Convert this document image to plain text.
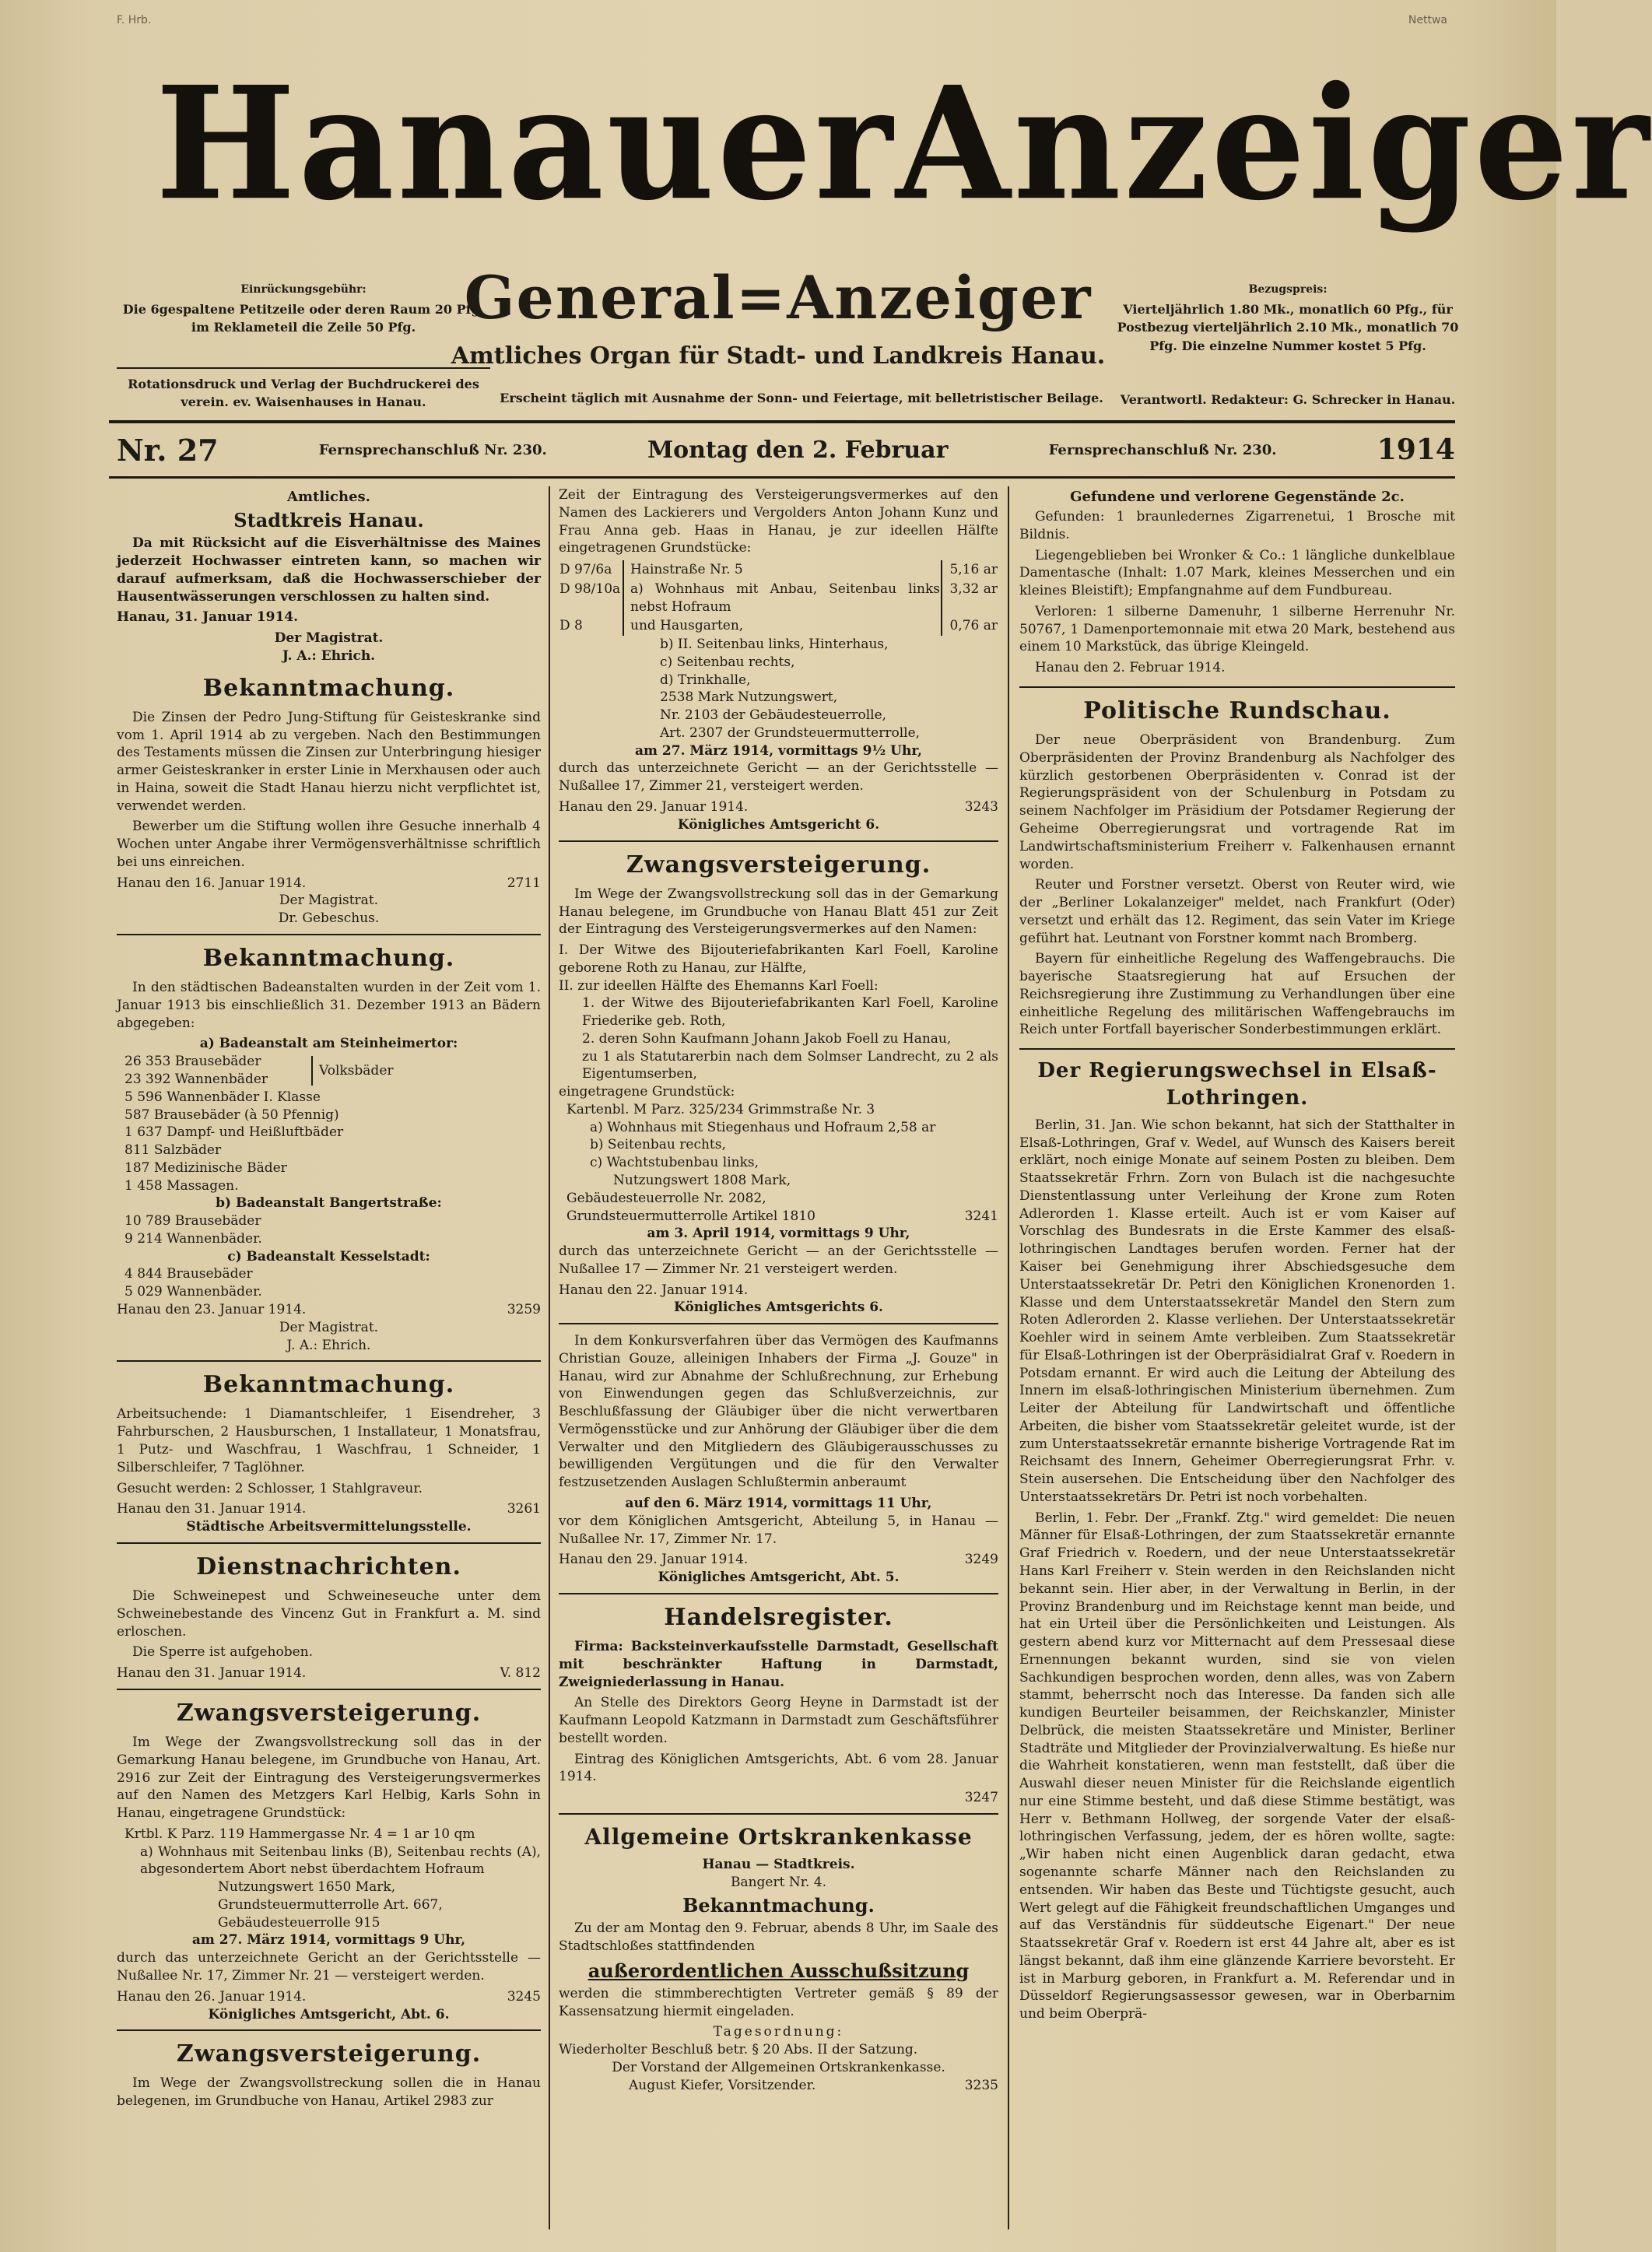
F. Hrb.	Nettwa
Hanauer Anzeiger
Einrückungsgebühr:
Die 6gespaltene Petitzeile oder deren Raum 20 Pfg. im Reklameteil die Zeile 50 Pfg.
Rotationsdruck und Verlag der Buchdruckerei des verein. ev. Waisenhauses in Hanau.
Bezugspreis:
Vierteljährlich 1.80 Mk., monatlich 60 Pfg., für Postbezug vierteljährlich 2.10 Mk., monatlich 70 Pfg. Die einzelne Nummer kostet 5 Pfg.
Verantwortl. Redakteur: G. Schrecker in Hanau.
General=Anzeiger
Amtliches Organ für Stadt- und Landkreis Hanau.
Erscheint täglich mit Ausnahme der Sonn- und Feiertage, mit belletristischer Beilage.
Nr. 27	Fernsprechanschluß Nr. 230.	Montag den 2. Februar	Fernsprechanschluß Nr. 230.	1914
Amtliches.
Stadtkreis Hanau.

Da mit Rücksicht auf die Eisverhältnisse des Maines jederzeit Hochwasser eintreten kann, so machen wir darauf aufmerksam, daß die Hochwasserschieber der Hausentwässerungen verschlossen zu halten sind.

Hanau, 31. Januar 1914.

Der Magistrat.
J. A.: Ehrich.
Bekanntmachung.

Die Zinsen der Pedro Jung-Stiftung für Geisteskranke sind vom 1. April 1914 ab zu vergeben. Nach den Bestimmungen des Testaments müssen die Zinsen zur Unterbringung hiesiger armer Geisteskranker in erster Linie in Merxhausen oder auch in Haina, soweit die Stadt Hanau hierzu nicht verpflichtet ist, verwendet werden.

Bewerber um die Stiftung wollen ihre Gesuche innerhalb 4 Wochen unter Angabe ihrer Vermögensverhältnisse schriftlich bei uns einreichen.

Hanau den 16. Januar 1914.	2711
Der Magistrat.
Dr. Gebeschus.
Bekanntmachung.

In den städtischen Badeanstalten wurden in der Zeit vom 1. Januar 1913 bis einschließlich 31. Dezember 1913 an Bädern abgegeben:

a) Badeanstalt am Steinheimertor:
26 353 Brausebäder
23 392 Wannenbäder
5 596 Wannenbäder I. Klasse
587 Brausebäder (à 50 Pfennig)
1 637 Dampf- und Heißluftbäder
811 Salzbäder
187 Medizinische Bäder
1 458 Massagen.
Volksbäder
b) Badeanstalt Bangertstraße:
10 789 Brausebäder
9 214 Wannenbäder.
c) Badeanstalt Kesselstadt:
4 844 Brausebäder
5 029 Wannenbäder.
Hanau den 23. Januar 1914.	3259
Der Magistrat.
J. A.: Ehrich.
Bekanntmachung.

Arbeitsuchende: 1 Diamantschleifer, 1 Eisendreher, 3 Fahrburschen, 2 Hausburschen, 1 Installateur, 1 Monatsfrau, 1 Putz- und Waschfrau, 1 Waschfrau, 1 Schneider, 1 Silberschleifer, 7 Taglöhner.

Gesucht werden: 2 Schlosser, 1 Stahlgraveur.

Hanau den 31. Januar 1914.	3261
Städtische Arbeitsvermittelungsstelle.
Dienstnachrichten.

Die Schweinepest und Schweineseuche unter dem Schweinebestande des Vincenz Gut in Frankfurt a. M. sind erloschen.

Die Sperre ist aufgehoben.

Hanau den 31. Januar 1914.	V. 812
Zwangsversteigerung.

Im Wege der Zwangsvollstreckung soll das in der Gemarkung Hanau belegene, im Grundbuche von Hanau, Art. 2916 zur Zeit der Eintragung des Versteigerungsvermerkes auf den Namen des Metzgers Karl Helbig, Karls Sohn in Hanau, eingetragene Grundstück:

Krtbl. K Parz. 119 Hammergasse Nr. 4 = 1 ar 10 qm
a) Wohnhaus mit Seitenbau links (B), Seitenbau rechts (A), abgesondertem Abort nebst überdachtem Hofraum
Nutzungswert 1650 Mark,
Grundsteuermutterrolle Art. 667,
Gebäudesteuerrolle 915
am 27. März 1914, vormittags 9 Uhr,

durch das unterzeichnete Gericht an der Gerichtsstelle — Nußallee Nr. 17, Zimmer Nr. 21 — versteigert werden.

Hanau den 26. Januar 1914.	3245
Königliches Amtsgericht, Abt. 6.
Zwangsversteigerung.

Im Wege der Zwangsvollstreckung sollen die in Hanau belegenen, im Grundbuche von Hanau, Artikel 2983 zur

Zeit der Eintragung des Versteigerungsvermerkes auf den Namen des Lackierers und Vergolders Anton Johann Kunz und Frau Anna geb. Haas in Hanau, je zur ideellen Hälfte eingetragenen Grundstücke:

D 97/6a	Hainstraße Nr. 5	5,16 ar
D 98/10a	a) Wohnhaus mit Anbau, Seitenbau links nebst Hofraum	3,32 ar
D 8	und Hausgarten,	0,76 ar
b) II. Seitenbau links, Hinterhaus,
c) Seitenbau rechts,
d) Trinkhalle,
2538 Mark Nutzungswert,
Nr. 2103 der Gebäudesteuerrolle,
Art. 2307 der Grundsteuermutterrolle,
am 27. März 1914, vormittags 9½ Uhr,

durch das unterzeichnete Gericht — an der Gerichtsstelle — Nußallee 17, Zimmer 21, versteigert werden.

Hanau den 29. Januar 1914.	3243
Königliches Amtsgericht 6.
Zwangsversteigerung.

Im Wege der Zwangsvollstreckung soll das in der Gemarkung Hanau belegene, im Grundbuche von Hanau Blatt 451 zur Zeit der Eintragung des Versteigerungsvermerkes auf den Namen:

I. Der Witwe des Bijouteriefabrikanten Karl Foell, Karoline geborene Roth zu Hanau, zur Hälfte,
II. zur ideellen Hälfte des Ehemanns Karl Foell:
1. der Witwe des Bijouteriefabrikanten Karl Foell, Karoline Friederike geb. Roth,
2. deren Sohn Kaufmann Johann Jakob Foell zu Hanau,
zu 1 als Statutarerbin nach dem Solmser Landrecht, zu 2 als Eigentumserben,
eingetragene Grundstück:
Kartenbl. M Parz. 325/234 Grimmstraße Nr. 3
a) Wohnhaus mit Stiegenhaus und Hofraum 2,58 ar
b) Seitenbau rechts,
c) Wachtstubenbau links,
Nutzungswert 1808 Mark,
Gebäudesteuerrolle Nr. 2082,
Grundsteuermutterrolle Artikel 1810	3241
am 3. April 1914, vormittags 9 Uhr,

durch das unterzeichnete Gericht — an der Gerichtsstelle — Nußallee 17 — Zimmer Nr. 21 versteigert werden.

Hanau den 22. Januar 1914.
Königliches Amtsgerichts 6.

In dem Konkursverfahren über das Vermögen des Kaufmanns Christian Gouze, alleinigen Inhabers der Firma „J. Gouze" in Hanau, wird zur Abnahme der Schlußrechnung, zur Erhebung von Einwendungen gegen das Schlußverzeichnis, zur Beschlußfassung der Gläubiger über die nicht verwertbaren Vermögensstücke und zur Anhörung der Gläubiger über die dem Verwalter und den Mitgliedern des Gläubigerausschusses zu bewilligenden Vergütungen und die für den Verwalter festzusetzenden Auslagen Schlußtermin anberaumt

auf den 6. März 1914, vormittags 11 Uhr,

vor dem Königlichen Amtsgericht, Abteilung 5, in Hanau — Nußallee Nr. 17, Zimmer Nr. 17.

Hanau den 29. Januar 1914.	3249
Königliches Amtsgericht, Abt. 5.
Handelsregister.

Firma: Backsteinverkaufsstelle Darmstadt, Gesellschaft mit beschränkter Haftung in Darmstadt, Zweigniederlassung in Hanau.

An Stelle des Direktors Georg Heyne in Darmstadt ist der Kaufmann Leopold Katzmann in Darmstadt zum Geschäftsführer bestellt worden.

Eintrag des Königlichen Amtsgerichts, Abt. 6 vom 28. Januar 1914.

3247
Allgemeine Ortskrankenkasse
Hanau — Stadtkreis.
Bangert Nr. 4.
Bekanntmachung.

Zu der am Montag den 9. Februar, abends 8 Uhr, im Saale des Stadtschloßes stattfindenden

außerordentlichen Ausschußsitzung

werden die stimmberechtigten Vertreter gemäß § 89 der Kassensatzung hiermit eingeladen.

Tagesordnung:
Wiederholter Beschluß betr. § 20 Abs. II der Satzung.
Der Vorstand der Allgemeinen Ortskrankenkasse.
August Kiefer, Vorsitzender.	3235
Gefundene und verlorene Gegenstände 2c.

Gefunden: 1 braunledernes Zigarrenetui, 1 Brosche mit Bildnis.

Liegengeblieben bei Wronker & Co.: 1 längliche dunkelblaue Damentasche (Inhalt: 1.07 Mark, kleines Messerchen und ein kleines Bleistift); Empfangnahme auf dem Fundbureau.

Verloren: 1 silberne Damenuhr, 1 silberne Herrenuhr Nr. 50767, 1 Damenportemonnaie mit etwa 20 Mark, bestehend aus einem 10 Markstück, das übrige Kleingeld.

Hanau den 2. Februar 1914.

Politische Rundschau.

Der neue Oberpräsident von Brandenburg. Zum Oberpräsidenten der Provinz Brandenburg als Nachfolger des kürzlich gestorbenen Oberpräsidenten v. Conrad ist der Regierungspräsident von der Schulenburg in Potsdam zu seinem Nachfolger im Präsidium der Potsdamer Regierung der Geheime Oberregierungsrat und vortragende Rat im Landwirtschaftsministerium Freiherr v. Falkenhausen ernannt worden.

Reuter und Forstner versetzt. Oberst von Reuter wird, wie der „Berliner Lokalanzeiger" meldet, nach Frankfurt (Oder) versetzt und erhält das 12. Regiment, das sein Vater im Kriege geführt hat. Leutnant von Forstner kommt nach Bromberg.

Bayern für einheitliche Regelung des Waffengebrauchs. Die bayerische Staatsregierung hat auf Ersuchen der Reichsregierung ihre Zustimmung zu Verhandlungen über eine einheitliche Regelung des militärischen Waffengebrauchs im Reich unter Fortfall bayerischer Sonderbestimmungen erklärt.

Der Regierungswechsel in Elsaß-Lothringen.

Berlin, 31. Jan. Wie schon bekannt, hat sich der Statthalter in Elsaß-Lothringen, Graf v. Wedel, auf Wunsch des Kaisers bereit erklärt, noch einige Monate auf seinem Posten zu bleiben. Dem Staatssekretär Frhrn. Zorn von Bulach ist die nachgesuchte Dienstentlassung unter Verleihung der Krone zum Roten Adlerorden 1. Klasse erteilt. Auch ist er vom Kaiser auf Vorschlag des Bundesrats in die Erste Kammer des elsaß-lothringischen Landtages berufen worden. Ferner hat der Kaiser bei Genehmigung ihrer Abschiedsgesuche dem Unterstaatssekretär Dr. Petri den Königlichen Kronenorden 1. Klasse und dem Unterstaatssekretär Mandel den Stern zum Roten Adlerorden 2. Klasse verliehen. Der Unterstaatssekretär Koehler wird in seinem Amte verbleiben. Zum Staatssekretär für Elsaß-Lothringen ist der Oberpräsidialrat Graf v. Roedern in Potsdam ernannt. Er wird auch die Leitung der Abteilung des Innern im elsaß-lothringischen Ministerium übernehmen. Zum Leiter der Abteilung für Landwirtschaft und öffentliche Arbeiten, die bisher vom Staatssekretär geleitet wurde, ist der zum Unterstaatssekretär ernannte bisherige Vortragende Rat im Reichsamt des Innern, Geheimer Oberregierungsrat Frhr. v. Stein ausersehen. Die Entscheidung über den Nachfolger des Unterstaatssekretärs Dr. Petri ist noch vorbehalten.

Berlin, 1. Febr. Der „Frankf. Ztg." wird gemeldet: Die neuen Männer für Elsaß-Lothringen, der zum Staatssekretär ernannte Graf Friedrich v. Roedern, und der neue Unterstaatssekretär Hans Karl Freiherr v. Stein werden in den Reichslanden nicht bekannt sein. Hier aber, in der Verwaltung in Berlin, in der Provinz Brandenburg und im Reichstage kennt man beide, und hat ein Urteil über die Persönlichkeiten und Leistungen. Als gestern abend kurz vor Mitternacht auf dem Pressesaal diese Ernennungen bekannt wurden, sind sie von vielen Sachkundigen besprochen worden, denn alles, was von Zabern stammt, beherrscht noch das Interesse. Da fanden sich alle kundigen Beurteiler beisammen, der Reichskanzler, Minister Delbrück, die meisten Staatssekretäre und Minister, Berliner Stadträte und Mitglieder der Provinzialverwaltung. Es hieße nur die Wahrheit konstatieren, wenn man feststellt, daß über die Auswahl dieser neuen Minister für die Reichslande eigentlich nur eine Stimme besteht, und daß diese Stimme bestätigt, was Herr v. Bethmann Hollweg, der sorgende Vater der elsaß-lothringischen Verfassung, jedem, der es hören wollte, sagte: „Wir haben nicht einen Augenblick daran gedacht, etwa sogenannte scharfe Männer nach den Reichslanden zu entsenden. Wir haben das Beste und Tüchtigste gesucht, auch Wert gelegt auf die Fähigkeit freundschaftlichen Umganges und auf das Verständnis für süddeutsche Eigenart." Der neue Staatssekretär Graf v. Roedern ist erst 44 Jahre alt, aber es ist längst bekannt, daß ihm eine glänzende Karriere bevorsteht. Er ist in Marburg geboren, in Frankfurt a. M. Referendar und in Düsseldorf Regierungsassessor gewesen, war in Oberbarnim und beim Oberprä-
